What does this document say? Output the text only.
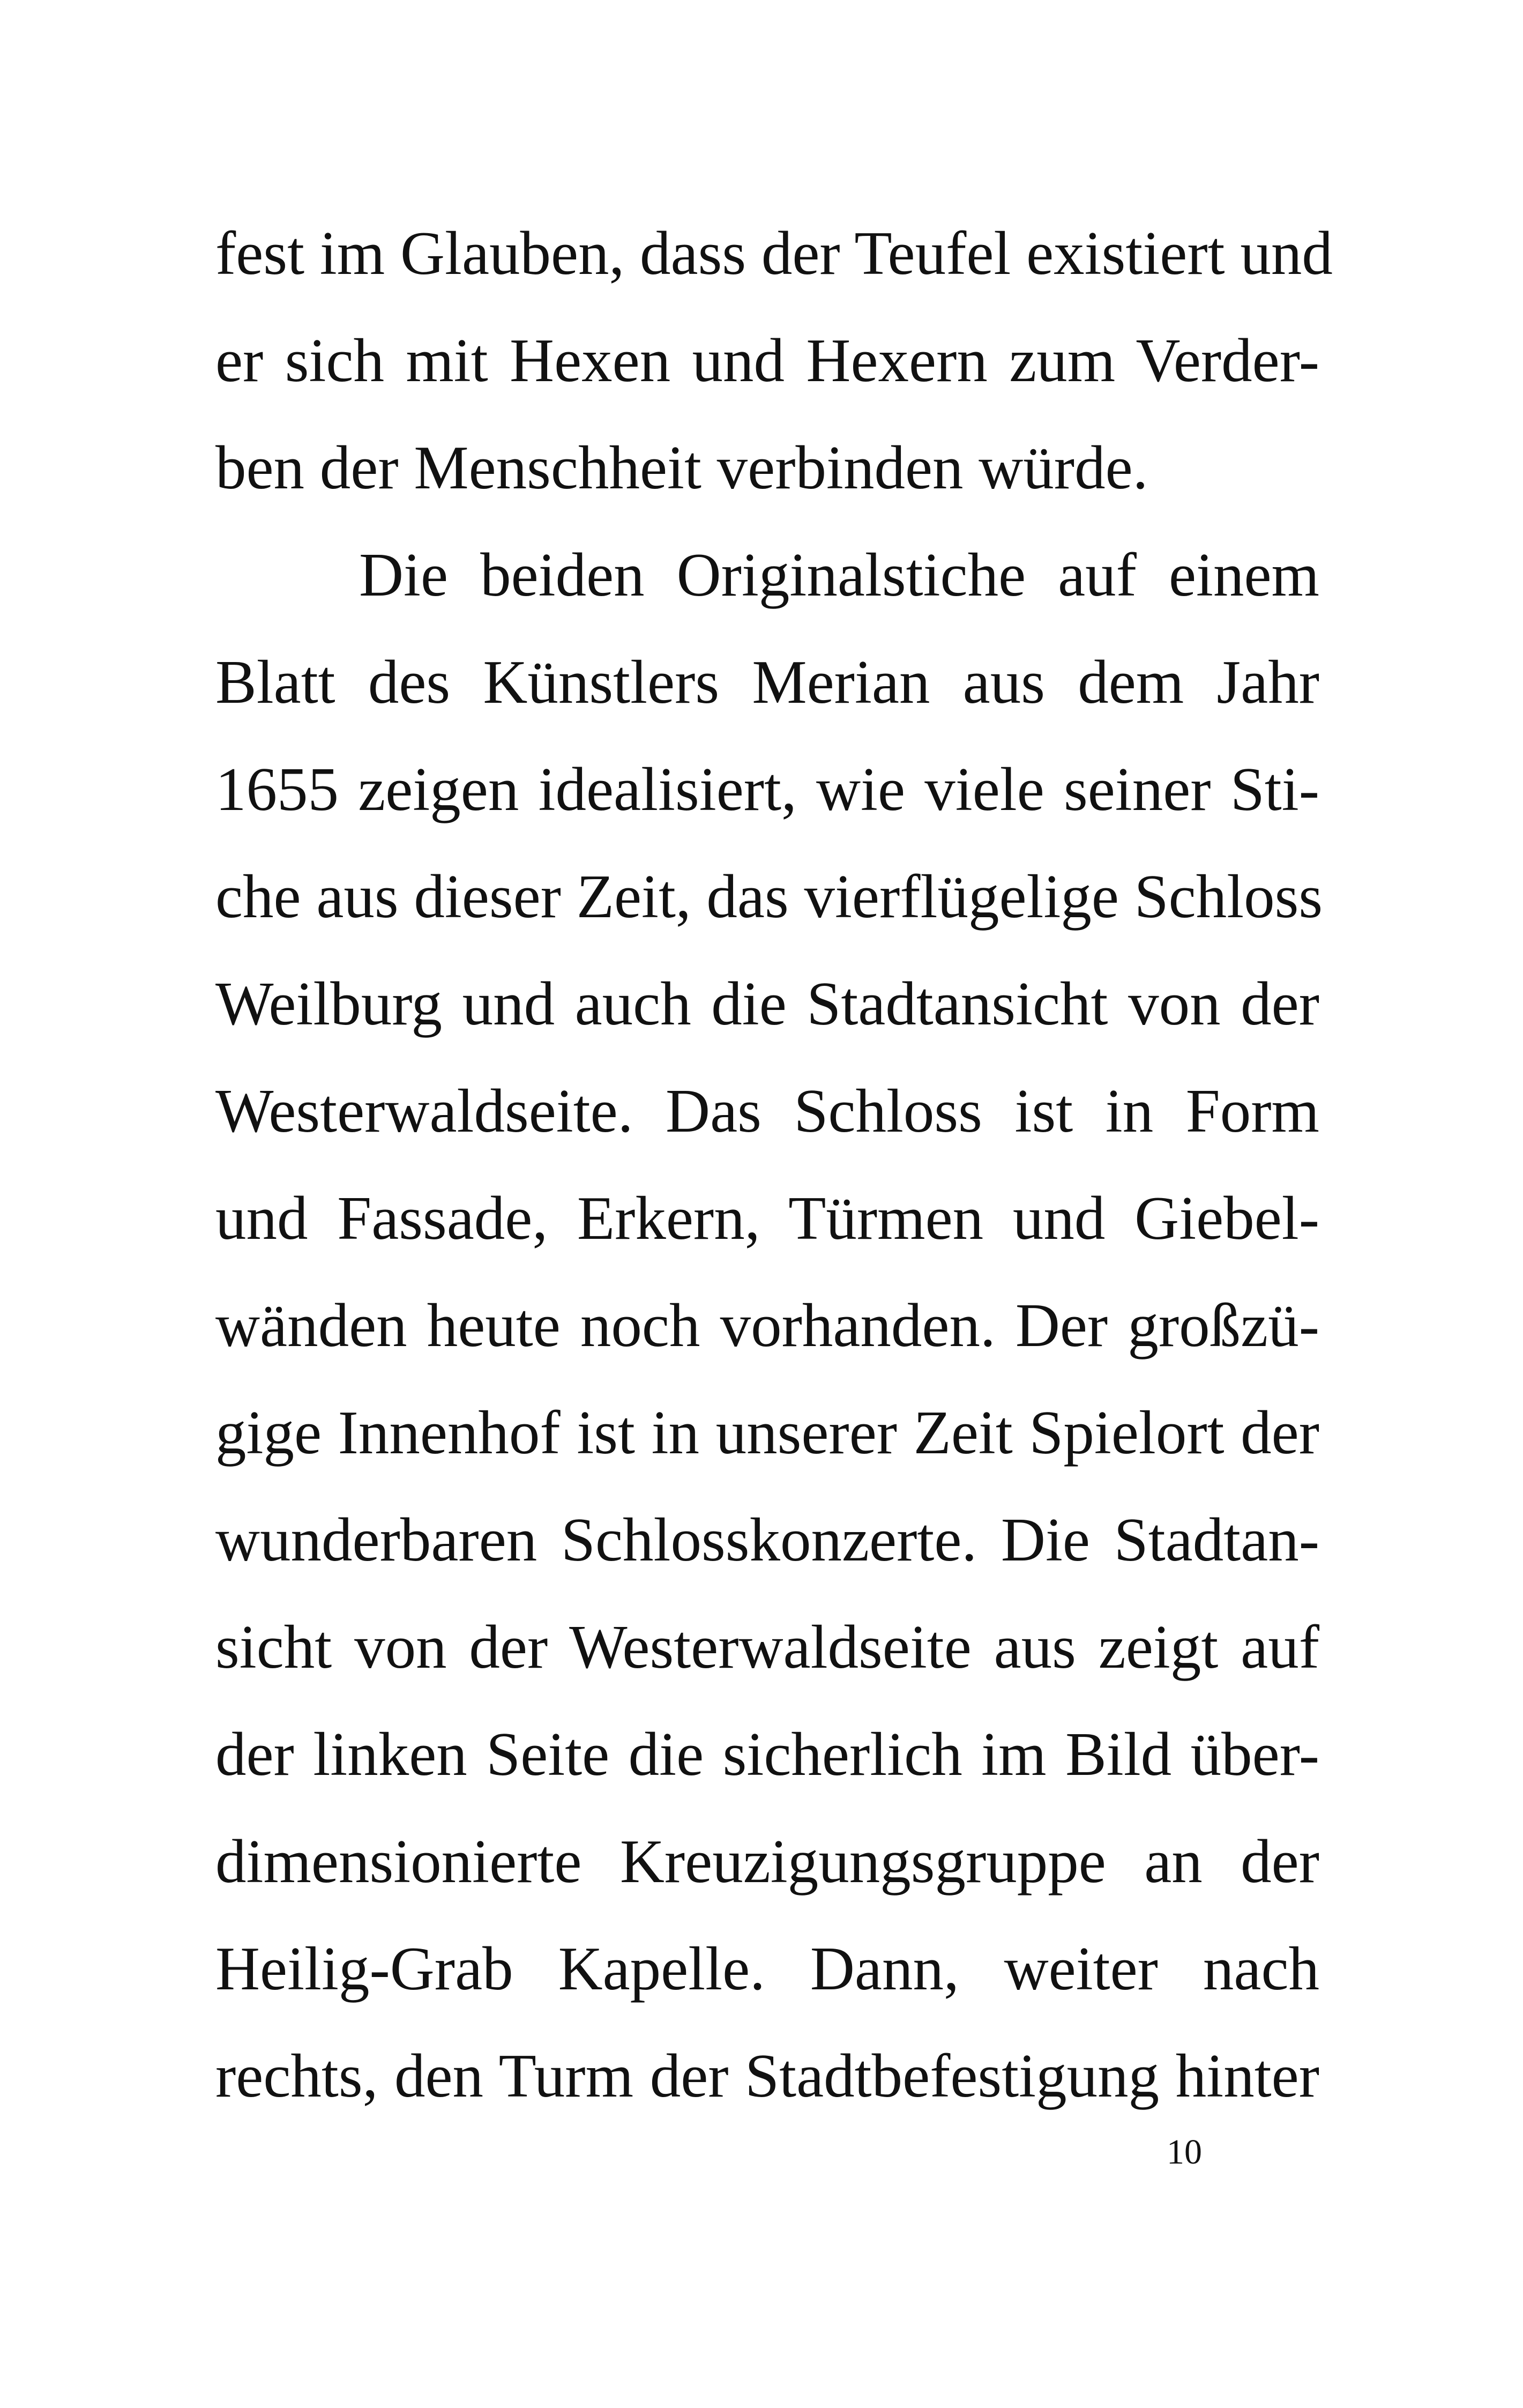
fest im Glauben, dass der Teufel existiert und
er sich mit Hexen und Hexern zum Verder-
ben der Menschheit verbinden würde.
Die beiden Originalstiche auf einem
Blatt des Künstlers Merian aus dem Jahr
1655 zeigen idealisiert, wie viele seiner Sti-
che aus dieser Zeit, das vierflügelige Schloss
Weilburg und auch die Stadtansicht von der
Westerwaldseite. Das Schloss ist in Form
und Fassade, Erkern, Türmen und Giebel-
wänden heute noch vorhanden. Der großzü-
gige Innenhof ist in unserer Zeit Spielort der
wunderbaren Schlosskonzerte. Die Stadtan-
sicht von der Westerwaldseite aus zeigt auf
der linken Seite die sicherlich im Bild über-
dimensionierte Kreuzigungsgruppe an der
Heilig-Grab Kapelle. Dann, weiter nach
rechts, den Turm der Stadtbefestigung hinter
10
